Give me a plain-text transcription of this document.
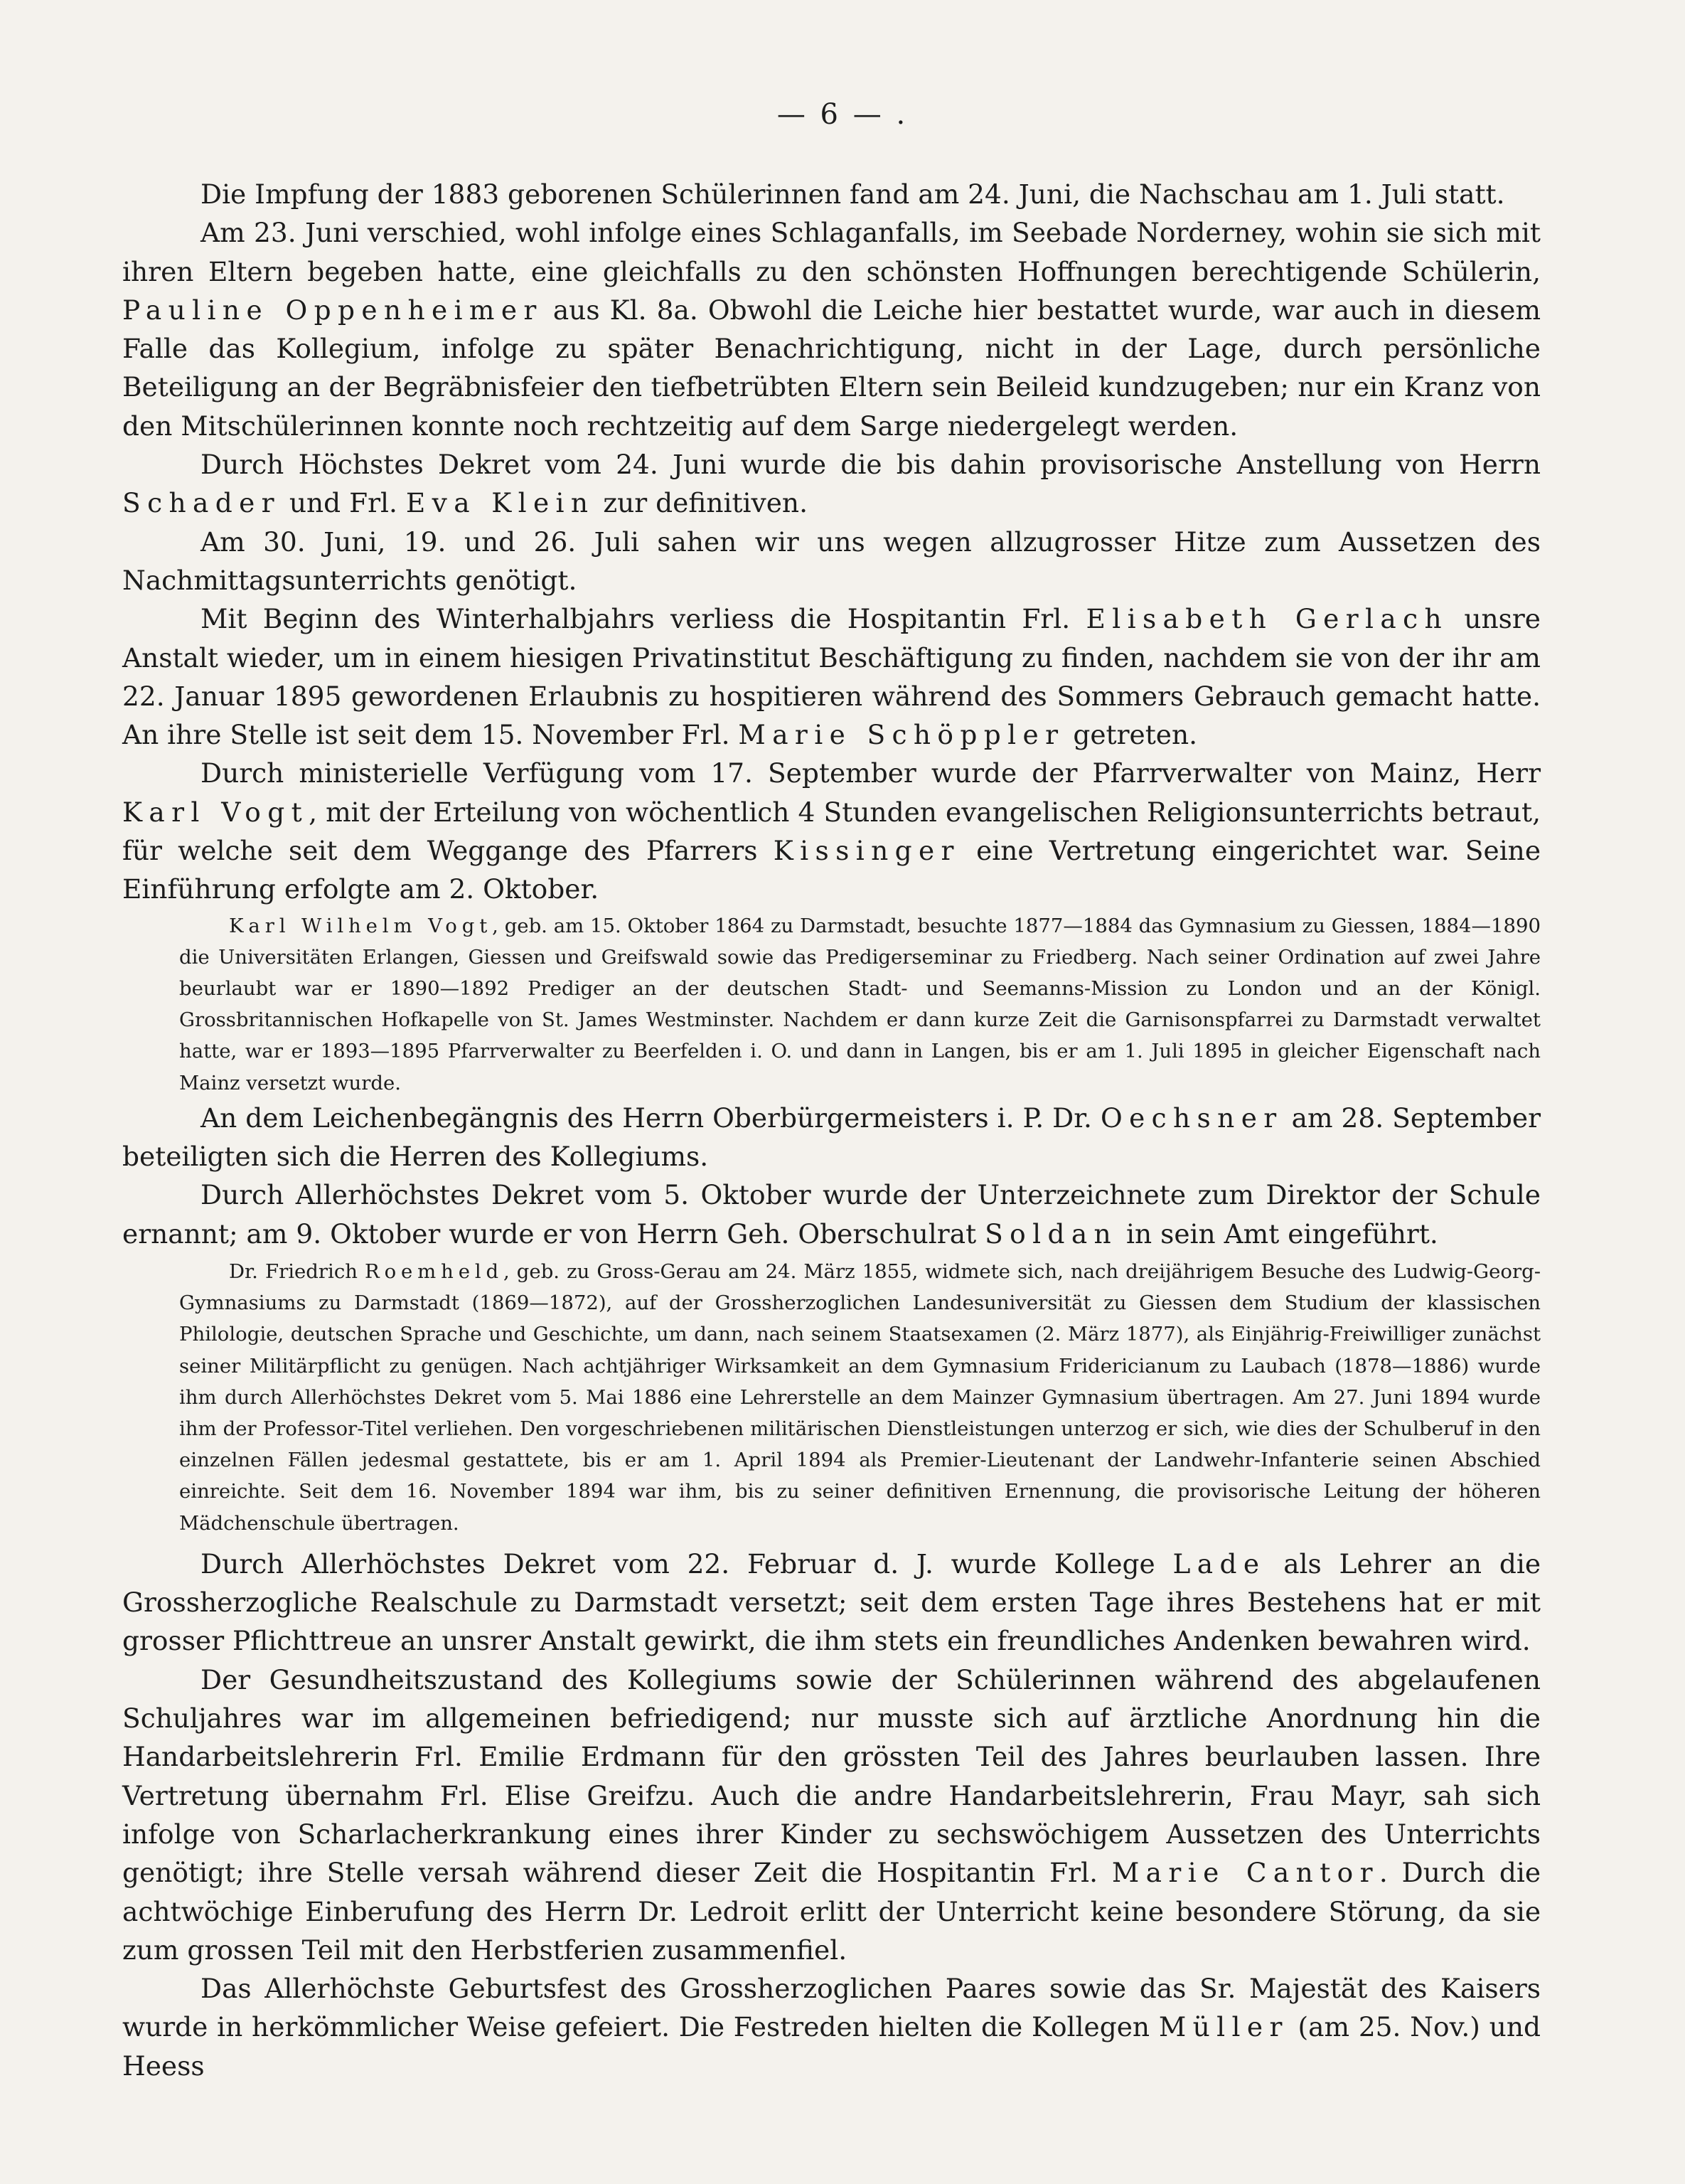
— 6 — .

Die Impfung der 1883 geborenen Schülerinnen fand am 24. Juni, die Nachschau am 1. Juli statt.

Am 23. Juni verschied, wohl infolge eines Schlaganfalls, im Seebade Norderney, wohin sie sich mit ihren Eltern begeben hatte, eine gleichfalls zu den schönsten Hoffnungen berechtigende Schülerin, Pauline Oppenheimer aus Kl. 8a. Obwohl die Leiche hier bestattet wurde, war auch in diesem Falle das Kollegium, infolge zu später Benachrichtigung, nicht in der Lage, durch persönliche Beteiligung an der Begräbnisfeier den tiefbetrübten Eltern sein Beileid kundzugeben; nur ein Kranz von den Mitschülerinnen konnte noch rechtzeitig auf dem Sarge niedergelegt werden.

Durch Höchstes Dekret vom 24. Juni wurde die bis dahin provisorische Anstellung von Herrn Schader und Frl. Eva Klein zur definitiven.

Am 30. Juni, 19. und 26. Juli sahen wir uns wegen allzugrosser Hitze zum Aussetzen des Nachmittagsunterrichts genötigt.

Mit Beginn des Winterhalbjahrs verliess die Hospitantin Frl. Elisabeth Gerlach unsre Anstalt wieder, um in einem hiesigen Privatinstitut Beschäftigung zu finden, nachdem sie von der ihr am 22. Januar 1895 gewordenen Erlaubnis zu hospitieren während des Sommers Gebrauch gemacht hatte. An ihre Stelle ist seit dem 15. November Frl. Marie Schöppler getreten.

Durch ministerielle Verfügung vom 17. September wurde der Pfarrverwalter von Mainz, Herr Karl Vogt, mit der Erteilung von wöchentlich 4 Stunden evangelischen Religionsunterrichts betraut, für welche seit dem Weggange des Pfarrers Kissinger eine Vertretung eingerichtet war. Seine Einführung erfolgte am 2. Oktober.

Karl Wilhelm Vogt, geb. am 15. Oktober 1864 zu Darmstadt, besuchte 1877—1884 das Gymnasium zu Giessen, 1884—1890 die Universitäten Erlangen, Giessen und Greifswald sowie das Predigerseminar zu Friedberg. Nach seiner Ordination auf zwei Jahre beurlaubt war er 1890—1892 Prediger an der deutschen Stadt- und Seemanns-Mission zu London und an der Königl. Grossbritannischen Hofkapelle von St. James Westminster. Nachdem er dann kurze Zeit die Garnisonspfarrei zu Darmstadt verwaltet hatte, war er 1893—1895 Pfarrverwalter zu Beerfelden i. O. und dann in Langen, bis er am 1. Juli 1895 in gleicher Eigenschaft nach Mainz versetzt wurde.

An dem Leichenbegängnis des Herrn Oberbürgermeisters i. P. Dr. Oechsner am 28. September beteiligten sich die Herren des Kollegiums.

Durch Allerhöchstes Dekret vom 5. Oktober wurde der Unterzeichnete zum Direktor der Schule ernannt; am 9. Oktober wurde er von Herrn Geh. Oberschulrat Soldan in sein Amt eingeführt.

Dr. Friedrich Roemheld, geb. zu Gross-Gerau am 24. März 1855, widmete sich, nach dreijährigem Besuche des Ludwig-Georg-Gymnasiums zu Darmstadt (1869—1872), auf der Grossherzoglichen Landesuniversität zu Giessen dem Studium der klassischen Philologie, deutschen Sprache und Geschichte, um dann, nach seinem Staatsexamen (2. März 1877), als Einjährig-Freiwilliger zunächst seiner Militärpflicht zu genügen. Nach achtjähriger Wirksamkeit an dem Gymnasium Fridericianum zu Laubach (1878—1886) wurde ihm durch Allerhöchstes Dekret vom 5. Mai 1886 eine Lehrerstelle an dem Mainzer Gymnasium übertragen. Am 27. Juni 1894 wurde ihm der Professor-Titel verliehen. Den vorgeschriebenen militärischen Dienstleistungen unterzog er sich, wie dies der Schulberuf in den einzelnen Fällen jedesmal gestattete, bis er am 1. April 1894 als Premier-Lieutenant der Landwehr-Infanterie seinen Abschied einreichte. Seit dem 16. November 1894 war ihm, bis zu seiner definitiven Ernennung, die provisorische Leitung der höheren Mädchenschule übertragen.

Durch Allerhöchstes Dekret vom 22. Februar d. J. wurde Kollege Lade als Lehrer an die Grossherzogliche Realschule zu Darmstadt versetzt; seit dem ersten Tage ihres Bestehens hat er mit grosser Pflichttreue an unsrer Anstalt gewirkt, die ihm stets ein freundliches Andenken bewahren wird.

Der Gesundheitszustand des Kollegiums sowie der Schülerinnen während des abgelaufenen Schuljahres war im allgemeinen befriedigend; nur musste sich auf ärztliche Anordnung hin die Handarbeitslehrerin Frl. Emilie Erdmann für den grössten Teil des Jahres beurlauben lassen. Ihre Vertretung übernahm Frl. Elise Greifzu. Auch die andre Handarbeitslehrerin, Frau Mayr, sah sich infolge von Scharlacherkrankung eines ihrer Kinder zu sechswöchigem Aussetzen des Unterrichts genötigt; ihre Stelle versah während dieser Zeit die Hospitantin Frl. Marie Cantor. Durch die achtwöchige Einberufung des Herrn Dr. Ledroit erlitt der Unterricht keine besondere Störung, da sie zum grossen Teil mit den Herbstferien zusammenfiel.

Das Allerhöchste Geburtsfest des Grossherzoglichen Paares sowie das Sr. Majestät des Kaisers wurde in herkömmlicher Weise gefeiert. Die Festreden hielten die Kollegen Müller (am 25. Nov.) und Heess
